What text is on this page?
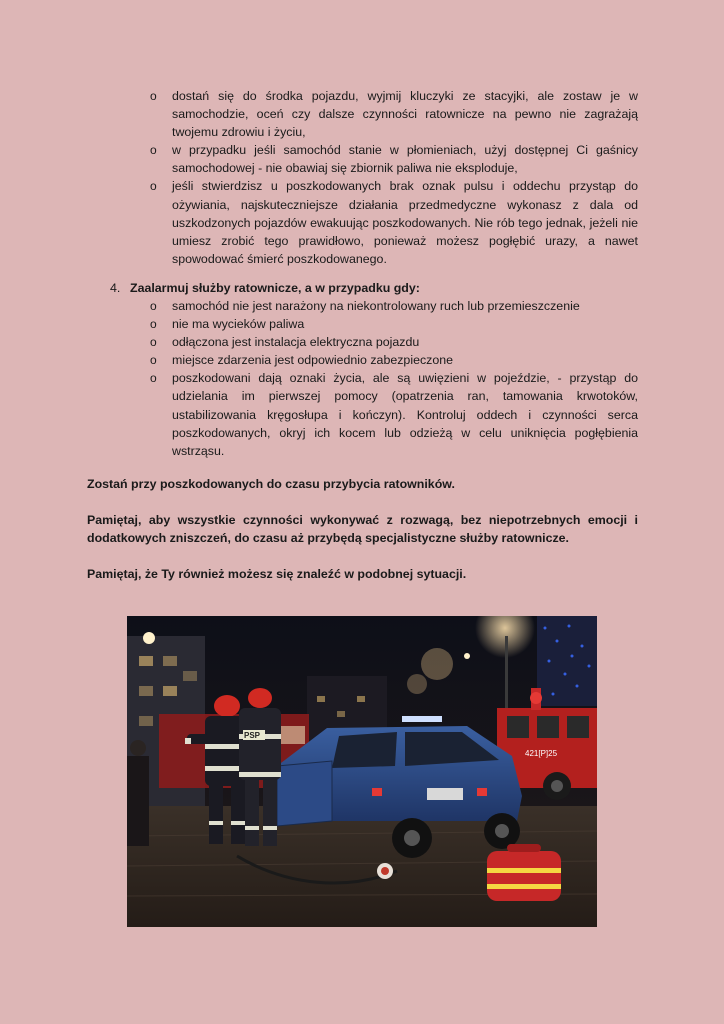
o dostań się do środka pojazdu, wyjmij kluczyki ze stacyjki, ale zostaw je w samochodzie, oceń czy dalsze czynności ratownicze na pewno nie zagrażają twojemu zdrowiu i życiu,
o w przypadku jeśli samochód stanie w płomieniach, użyj dostępnej Ci gaśnicy samochodowej - nie obawiaj się zbiornik paliwa nie eksploduje,
o jeśli stwierdzisz u poszkodowanych brak oznak pulsu i oddechu przystąp do ożywiania, najskuteczniejsze działania przedmedyczne wykonasz z dala od uszkodzonych pojazdów ewakuując poszkodowanych. Nie rób tego jednak, jeżeli nie umiesz zrobić tego prawidłowo, ponieważ możesz pogłębić urazy, a nawet spowodować śmierć poszkodowanego.
4. Zaalarmuj służby ratownicze, a w przypadku gdy:
o samochód nie jest narażony na niekontrolowany ruch lub przemieszczenie
o nie ma wycieków paliwa
o odłączona jest instalacja elektryczna pojazdu
o miejsce zdarzenia jest odpowiednio zabezpieczone
o poszkodowani dają oznaki życia, ale są uwięzieni w pojeździe, - przystąp do udzielania im pierwszej pomocy (opatrzenia ran, tamowania krwotoków, ustabilizowania kręgosłupa i kończyn). Kontroluj oddech i czynności serca poszkodowanych, okryj ich kocem lub odzieżą w celu uniknięcia pogłębienia wstrząsu.
Zostań przy poszkodowanych do czasu przybycia ratowników.
Pamiętaj, aby wszystkie czynności wykonywać z rozwagą, bez niepotrzebnych emocji i dodatkowych zniszczeń, do czasu aż przybędą specjalistyczne służby ratownicze.
Pamiętaj, że Ty również możesz się znaleźć w podobnej sytuacji.
421[P]25
PSP
